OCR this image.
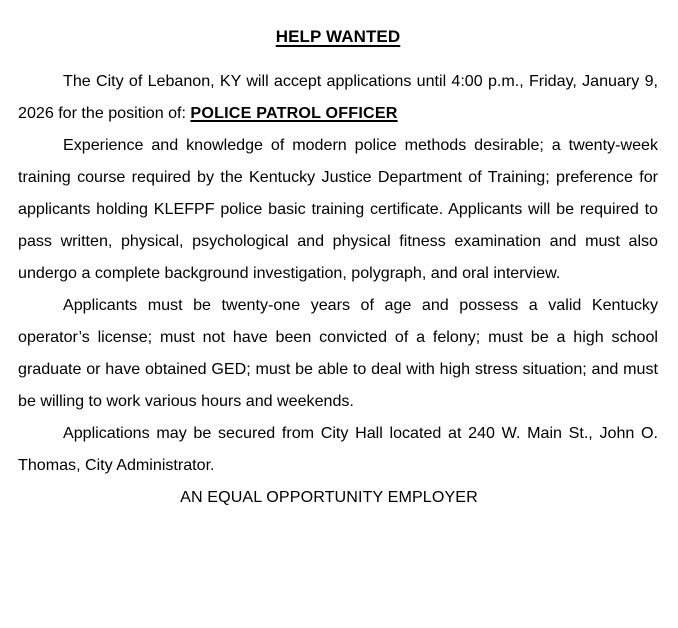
HELP WANTED

The City of Lebanon, KY will accept applications until 4:00 p.m., Friday, January 9, 2026 for the position of: POLICE PATROL OFFICER

Experience and knowledge of modern police methods desirable; a twenty-week training course required by the Kentucky Justice Department of Training; preference for applicants holding KLEFPF police basic training certificate. Applicants will be required to pass written, physical, psychological and physical fitness examination and must also undergo a complete background investigation, polygraph, and oral interview.

Applicants must be twenty-one years of age and possess a valid Kentucky operator’s license; must not have been convicted of a felony; must be a high school graduate or have obtained GED; must be able to deal with high stress situation; and must be willing to work various hours and weekends.

Applications may be secured from City Hall located at 240 W. Main St., John O. Thomas, City Administrator.

AN EQUAL OPPORTUNITY EMPLOYER
